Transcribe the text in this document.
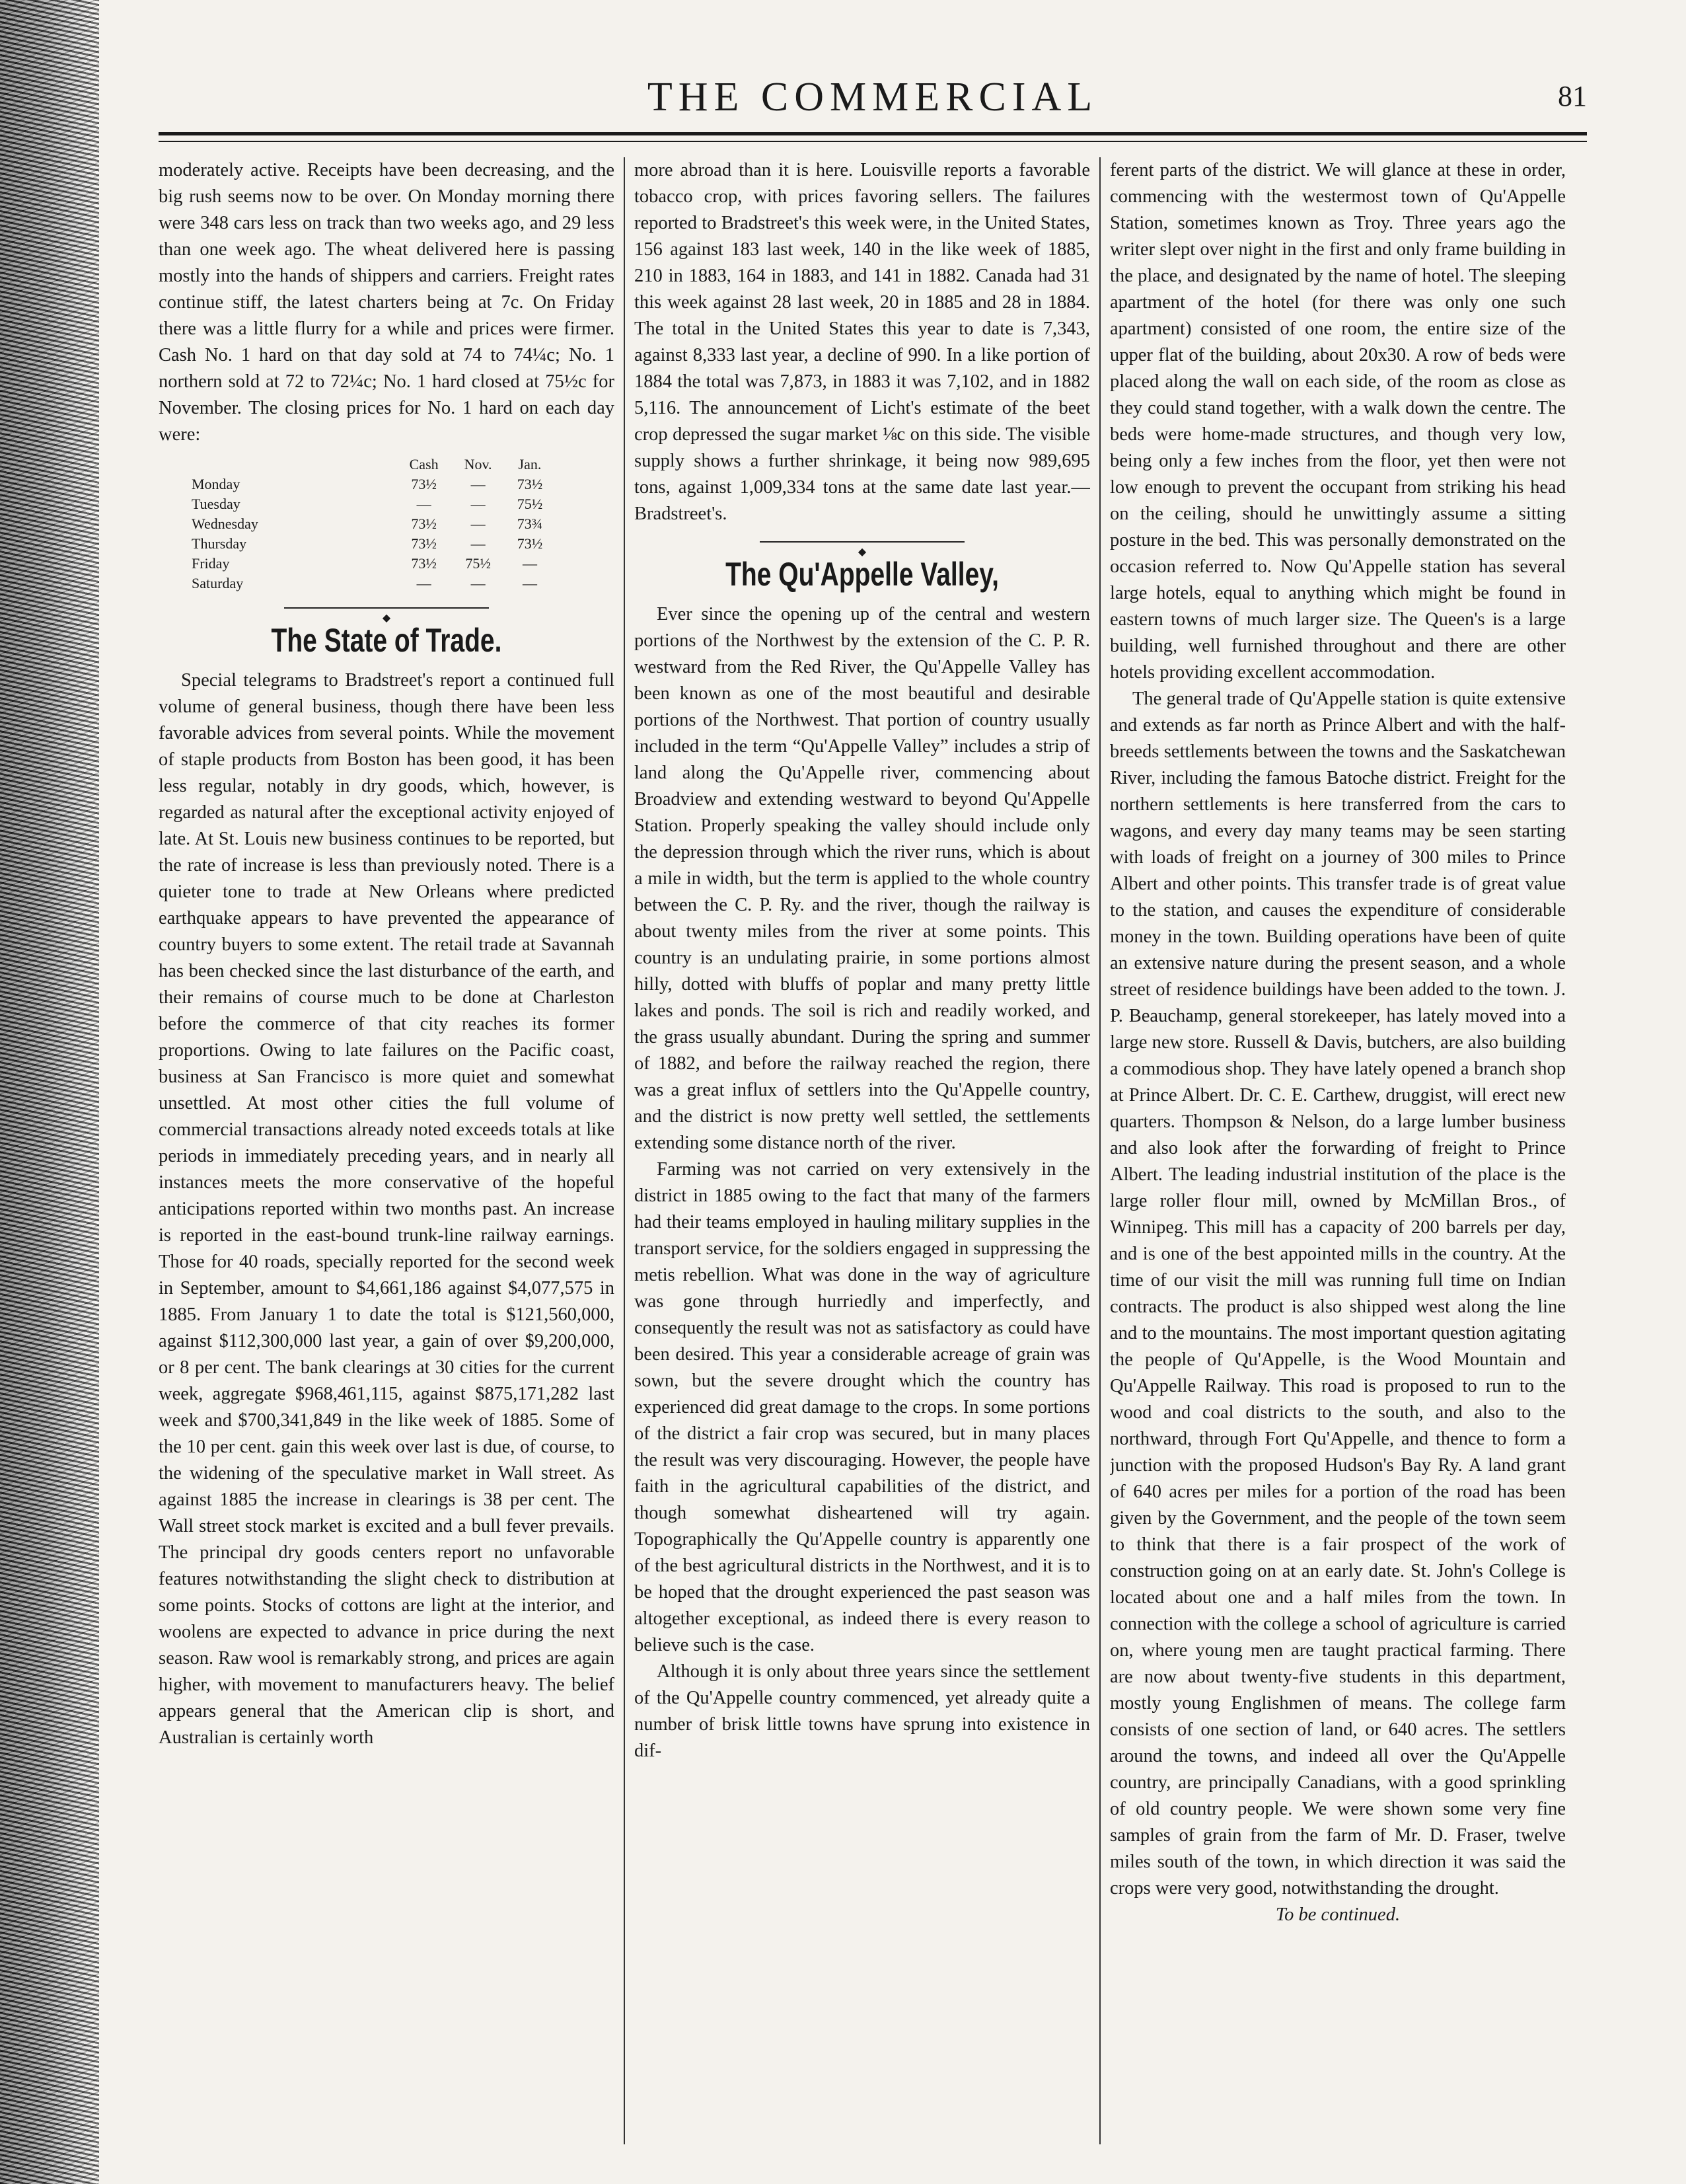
THE COMMERCIAL	81

moderately active. Receipts have been decreasing, and the big rush seems now to be over. On Monday morning there were 348 cars less on track than two weeks ago, and 29 less than one week ago. The wheat delivered here is passing mostly into the hands of shippers and carriers. Freight rates continue stiff, the latest charters being at 7c. On Friday there was a little flurry for a while and prices were firmer. Cash No. 1 hard on that day sold at 74 to 74¼c; No. 1 northern sold at 72 to 72¼c; No. 1 hard closed at 75½c for November. The closing prices for No. 1 hard on each day were:

	Cash	Nov.	Jan.
Monday	73½	—	73½
Tuesday	—	—	75½
Wednesday	73½	—	73¾
Thursday	73½	—	73½
Friday	73½	75½	—
Saturday	—	—	—
◆
The State of Trade.

Special telegrams to Bradstreet's report a continued full volume of general business, though there have been less favorable advices from several points. While the movement of staple products from Boston has been good, it has been less regular, notably in dry goods, which, however, is regarded as natural after the exceptional activity enjoyed of late. At St. Louis new business continues to be reported, but the rate of increase is less than previously noted. There is a quieter tone to trade at New Orleans where predicted earthquake appears to have prevented the appearance of country buyers to some extent. The retail trade at Savannah has been checked since the last disturbance of the earth, and their remains of course much to be done at Charleston before the commerce of that city reaches its former proportions. Owing to late failures on the Pacific coast, business at San Francisco is more quiet and somewhat unsettled. At most other cities the full volume of commercial transactions already noted exceeds totals at like periods in immediately preceding years, and in nearly all instances meets the more conservative of the hopeful anticipations reported within two months past. An increase is reported in the east-bound trunk-line railway earnings. Those for 40 roads, specially reported for the second week in September, amount to $4,661,186 against $4,077,575 in 1885. From January 1 to date the total is $121,560,000, against $112,300,000 last year, a gain of over $9,200,000, or 8 per cent. The bank clearings at 30 cities for the current week, aggregate $968,461,115, against $875,171,282 last week and $700,341,849 in the like week of 1885. Some of the 10 per cent. gain this week over last is due, of course, to the widening of the speculative market in Wall street. As against 1885 the increase in clearings is 38 per cent. The Wall street stock market is excited and a bull fever prevails. The principal dry goods centers report no unfavorable features notwithstanding the slight check to distribution at some points. Stocks of cottons are light at the interior, and woolens are expected to advance in price during the next season. Raw wool is remarkably strong, and prices are again higher, with movement to manufacturers heavy. The belief appears general that the American clip is short, and Australian is certainly worth

more abroad than it is here. Louisville reports a favorable tobacco crop, with prices favoring sellers. The failures reported to Bradstreet's this week were, in the United States, 156 against 183 last week, 140 in the like week of 1885, 210 in 1883, 164 in 1883, and 141 in 1882. Canada had 31 this week against 28 last week, 20 in 1885 and 28 in 1884. The total in the United States this year to date is 7,343, against 8,333 last year, a decline of 990. In a like portion of 1884 the total was 7,873, in 1883 it was 7,102, and in 1882 5,116. The announcement of Licht's estimate of the beet crop depressed the sugar market ⅛c on this side. The visible supply shows a further shrinkage, it being now 989,695 tons, against 1,009,334 tons at the same date last year.—Bradstreet's.

◆
The Qu'Appelle Valley,

Ever since the opening up of the central and western portions of the Northwest by the extension of the C. P. R. westward from the Red River, the Qu'Appelle Valley has been known as one of the most beautiful and desirable portions of the Northwest. That portion of country usually included in the term “Qu'Appelle Valley” includes a strip of land along the Qu'Appelle river, commencing about Broadview and extending westward to beyond Qu'Appelle Station. Properly speaking the valley should include only the depression through which the river runs, which is about a mile in width, but the term is applied to the whole country between the C. P. Ry. and the river, though the railway is about twenty miles from the river at some points. This country is an undulating prairie, in some portions almost hilly, dotted with bluffs of poplar and many pretty little lakes and ponds. The soil is rich and readily worked, and the grass usually abundant. During the spring and summer of 1882, and before the railway reached the region, there was a great influx of settlers into the Qu'Appelle country, and the district is now pretty well settled, the settlements extending some distance north of the river.

Farming was not carried on very extensively in the district in 1885 owing to the fact that many of the farmers had their teams employed in hauling military supplies in the transport service, for the soldiers engaged in suppressing the metis rebellion. What was done in the way of agriculture was gone through hurriedly and imperfectly, and consequently the result was not as satisfactory as could have been desired. This year a considerable acreage of grain was sown, but the severe drought which the country has experienced did great damage to the crops. In some portions of the district a fair crop was secured, but in many places the result was very discouraging. However, the people have faith in the agricultural capabilities of the district, and though somewhat disheartened will try again. Topographically the Qu'Appelle country is apparently one of the best agricultural districts in the Northwest, and it is to be hoped that the drought experienced the past season was altogether exceptional, as indeed there is every reason to believe such is the case.

Although it is only about three years since the settlement of the Qu'Appelle country commenced, yet already quite a number of brisk little towns have sprung into existence in dif-

ferent parts of the district. We will glance at these in order, commencing with the westermost town of Qu'Appelle Station, sometimes known as Troy. Three years ago the writer slept over night in the first and only frame building in the place, and designated by the name of hotel. The sleeping apartment of the hotel (for there was only one such apartment) consisted of one room, the entire size of the upper flat of the building, about 20x30. A row of beds were placed along the wall on each side, of the room as close as they could stand together, with a walk down the centre. The beds were home-made structures, and though very low, being only a few inches from the floor, yet then were not low enough to prevent the occupant from striking his head on the ceiling, should he unwittingly assume a sitting posture in the bed. This was personally demonstrated on the occasion referred to. Now Qu'Appelle station has several large hotels, equal to anything which might be found in eastern towns of much larger size. The Queen's is a large building, well furnished throughout and there are other hotels providing excellent accommodation.

The general trade of Qu'Appelle station is quite extensive and extends as far north as Prince Albert and with the half-breeds settlements between the towns and the Saskatchewan River, including the famous Batoche district. Freight for the northern settlements is here transferred from the cars to wagons, and every day many teams may be seen starting with loads of freight on a journey of 300 miles to Prince Albert and other points. This transfer trade is of great value to the station, and causes the expenditure of considerable money in the town. Building operations have been of quite an extensive nature during the present season, and a whole street of residence buildings have been added to the town. J. P. Beauchamp, general storekeeper, has lately moved into a large new store. Russell & Davis, butchers, are also building a commodious shop. They have lately opened a branch shop at Prince Albert. Dr. C. E. Carthew, druggist, will erect new quarters. Thompson & Nelson, do a large lumber business and also look after the forwarding of freight to Prince Albert. The leading industrial institution of the place is the large roller flour mill, owned by McMillan Bros., of Winnipeg. This mill has a capacity of 200 barrels per day, and is one of the best appointed mills in the country. At the time of our visit the mill was running full time on Indian contracts. The product is also shipped west along the line and to the mountains. The most important question agitating the people of Qu'Appelle, is the Wood Mountain and Qu'Appelle Railway. This road is proposed to run to the wood and coal districts to the south, and also to the northward, through Fort Qu'Appelle, and thence to form a junction with the proposed Hudson's Bay Ry. A land grant of 640 acres per miles for a portion of the road has been given by the Government, and the people of the town seem to think that there is a fair prospect of the work of construction going on at an early date. St. John's College is located about one and a half miles from the town. In connection with the college a school of agriculture is carried on, where young men are taught practical farming. There are now about twenty-five students in this department, mostly young Englishmen of means. The college farm consists of one section of land, or 640 acres. The settlers around the towns, and indeed all over the Qu'Appelle country, are principally Canadians, with a good sprinkling of old country people. We were shown some very fine samples of grain from the farm of Mr. D. Fraser, twelve miles south of the town, in which direction it was said the crops were very good, notwithstanding the drought.

To be continued.
